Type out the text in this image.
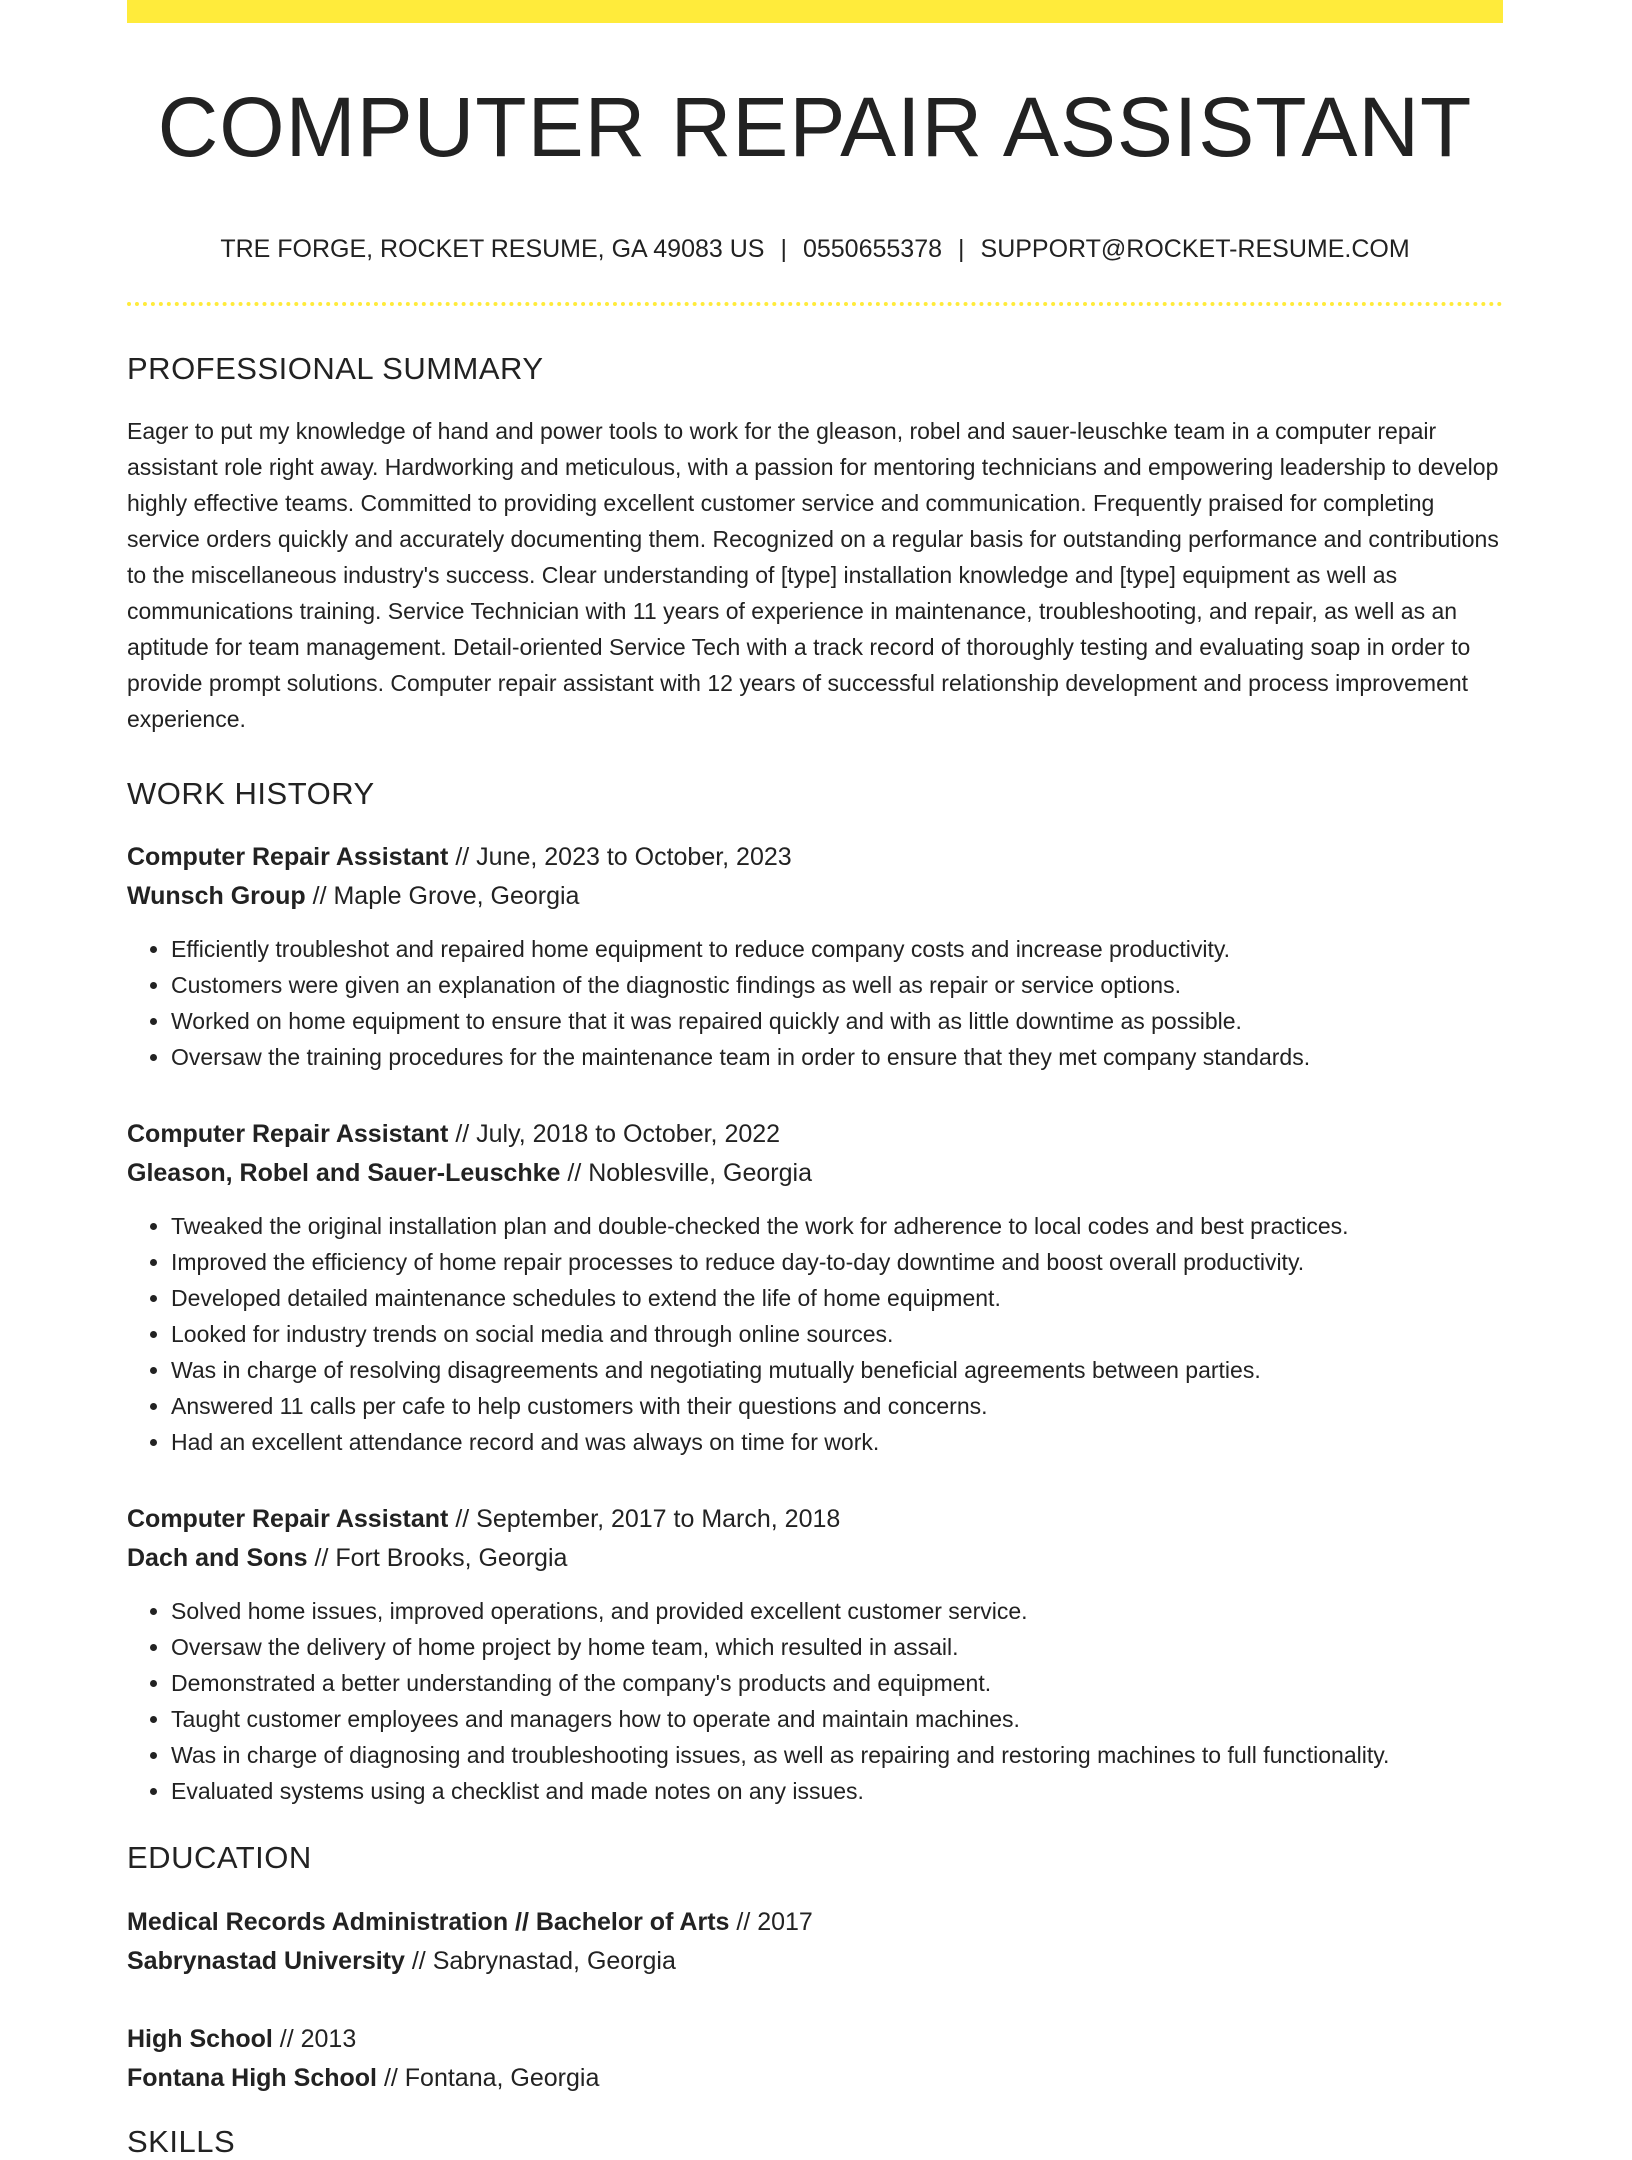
COMPUTER REPAIR ASSISTANT
TRE FORGE, ROCKET RESUME, GA 49083 US | 0550655378 | SUPPORT@ROCKET-RESUME.COM
PROFESSIONAL SUMMARY

Eager to put my knowledge of hand and power tools to work for the gleason, robel and sauer-leuschke team in a computer repair assistant role right away. Hardworking and meticulous, with a passion for mentoring technicians and empowering leadership to develop highly effective teams. Committed to providing excellent customer service and communication. Frequently praised for completing service orders quickly and accurately documenting them. Recognized on a regular basis for outstanding performance and contributions to the miscellaneous industry's success. Clear understanding of [type] installation knowledge and [type] equipment as well as communications training. Service Technician with 11 years of experience in maintenance, troubleshooting, and repair, as well as an aptitude for team management. Detail-oriented Service Tech with a track record of thoroughly testing and evaluating soap in order to provide prompt solutions. Computer repair assistant with 12 years of successful relationship development and process improvement experience.

WORK HISTORY

Computer Repair Assistant // June, 2023 to October, 2023

Wunsch Group // Maple Grove, Georgia

• Efficiently troubleshot and repaired home equipment to reduce company costs and increase productivity.
• Customers were given an explanation of the diagnostic findings as well as repair or service options.
• Worked on home equipment to ensure that it was repaired quickly and with as little downtime as possible.
• Oversaw the training procedures for the maintenance team in order to ensure that they met company standards.

Computer Repair Assistant // July, 2018 to October, 2022

Gleason, Robel and Sauer-Leuschke // Noblesville, Georgia

• Tweaked the original installation plan and double-checked the work for adherence to local codes and best practices.
• Improved the efficiency of home repair processes to reduce day-to-day downtime and boost overall productivity.
• Developed detailed maintenance schedules to extend the life of home equipment.
• Looked for industry trends on social media and through online sources.
• Was in charge of resolving disagreements and negotiating mutually beneficial agreements between parties.
• Answered 11 calls per cafe to help customers with their questions and concerns.
• Had an excellent attendance record and was always on time for work.

Computer Repair Assistant // September, 2017 to March, 2018

Dach and Sons // Fort Brooks, Georgia

• Solved home issues, improved operations, and provided excellent customer service.
• Oversaw the delivery of home project by home team, which resulted in assail.
• Demonstrated a better understanding of the company's products and equipment.
• Taught customer employees and managers how to operate and maintain machines.
• Was in charge of diagnosing and troubleshooting issues, as well as repairing and restoring machines to full functionality.
• Evaluated systems using a checklist and made notes on any issues.
EDUCATION

Medical Records Administration // Bachelor of Arts // 2017

Sabrynastad University // Sabrynastad, Georgia

High School // 2013

Fontana High School // Fontana, Georgia

SKILLS
